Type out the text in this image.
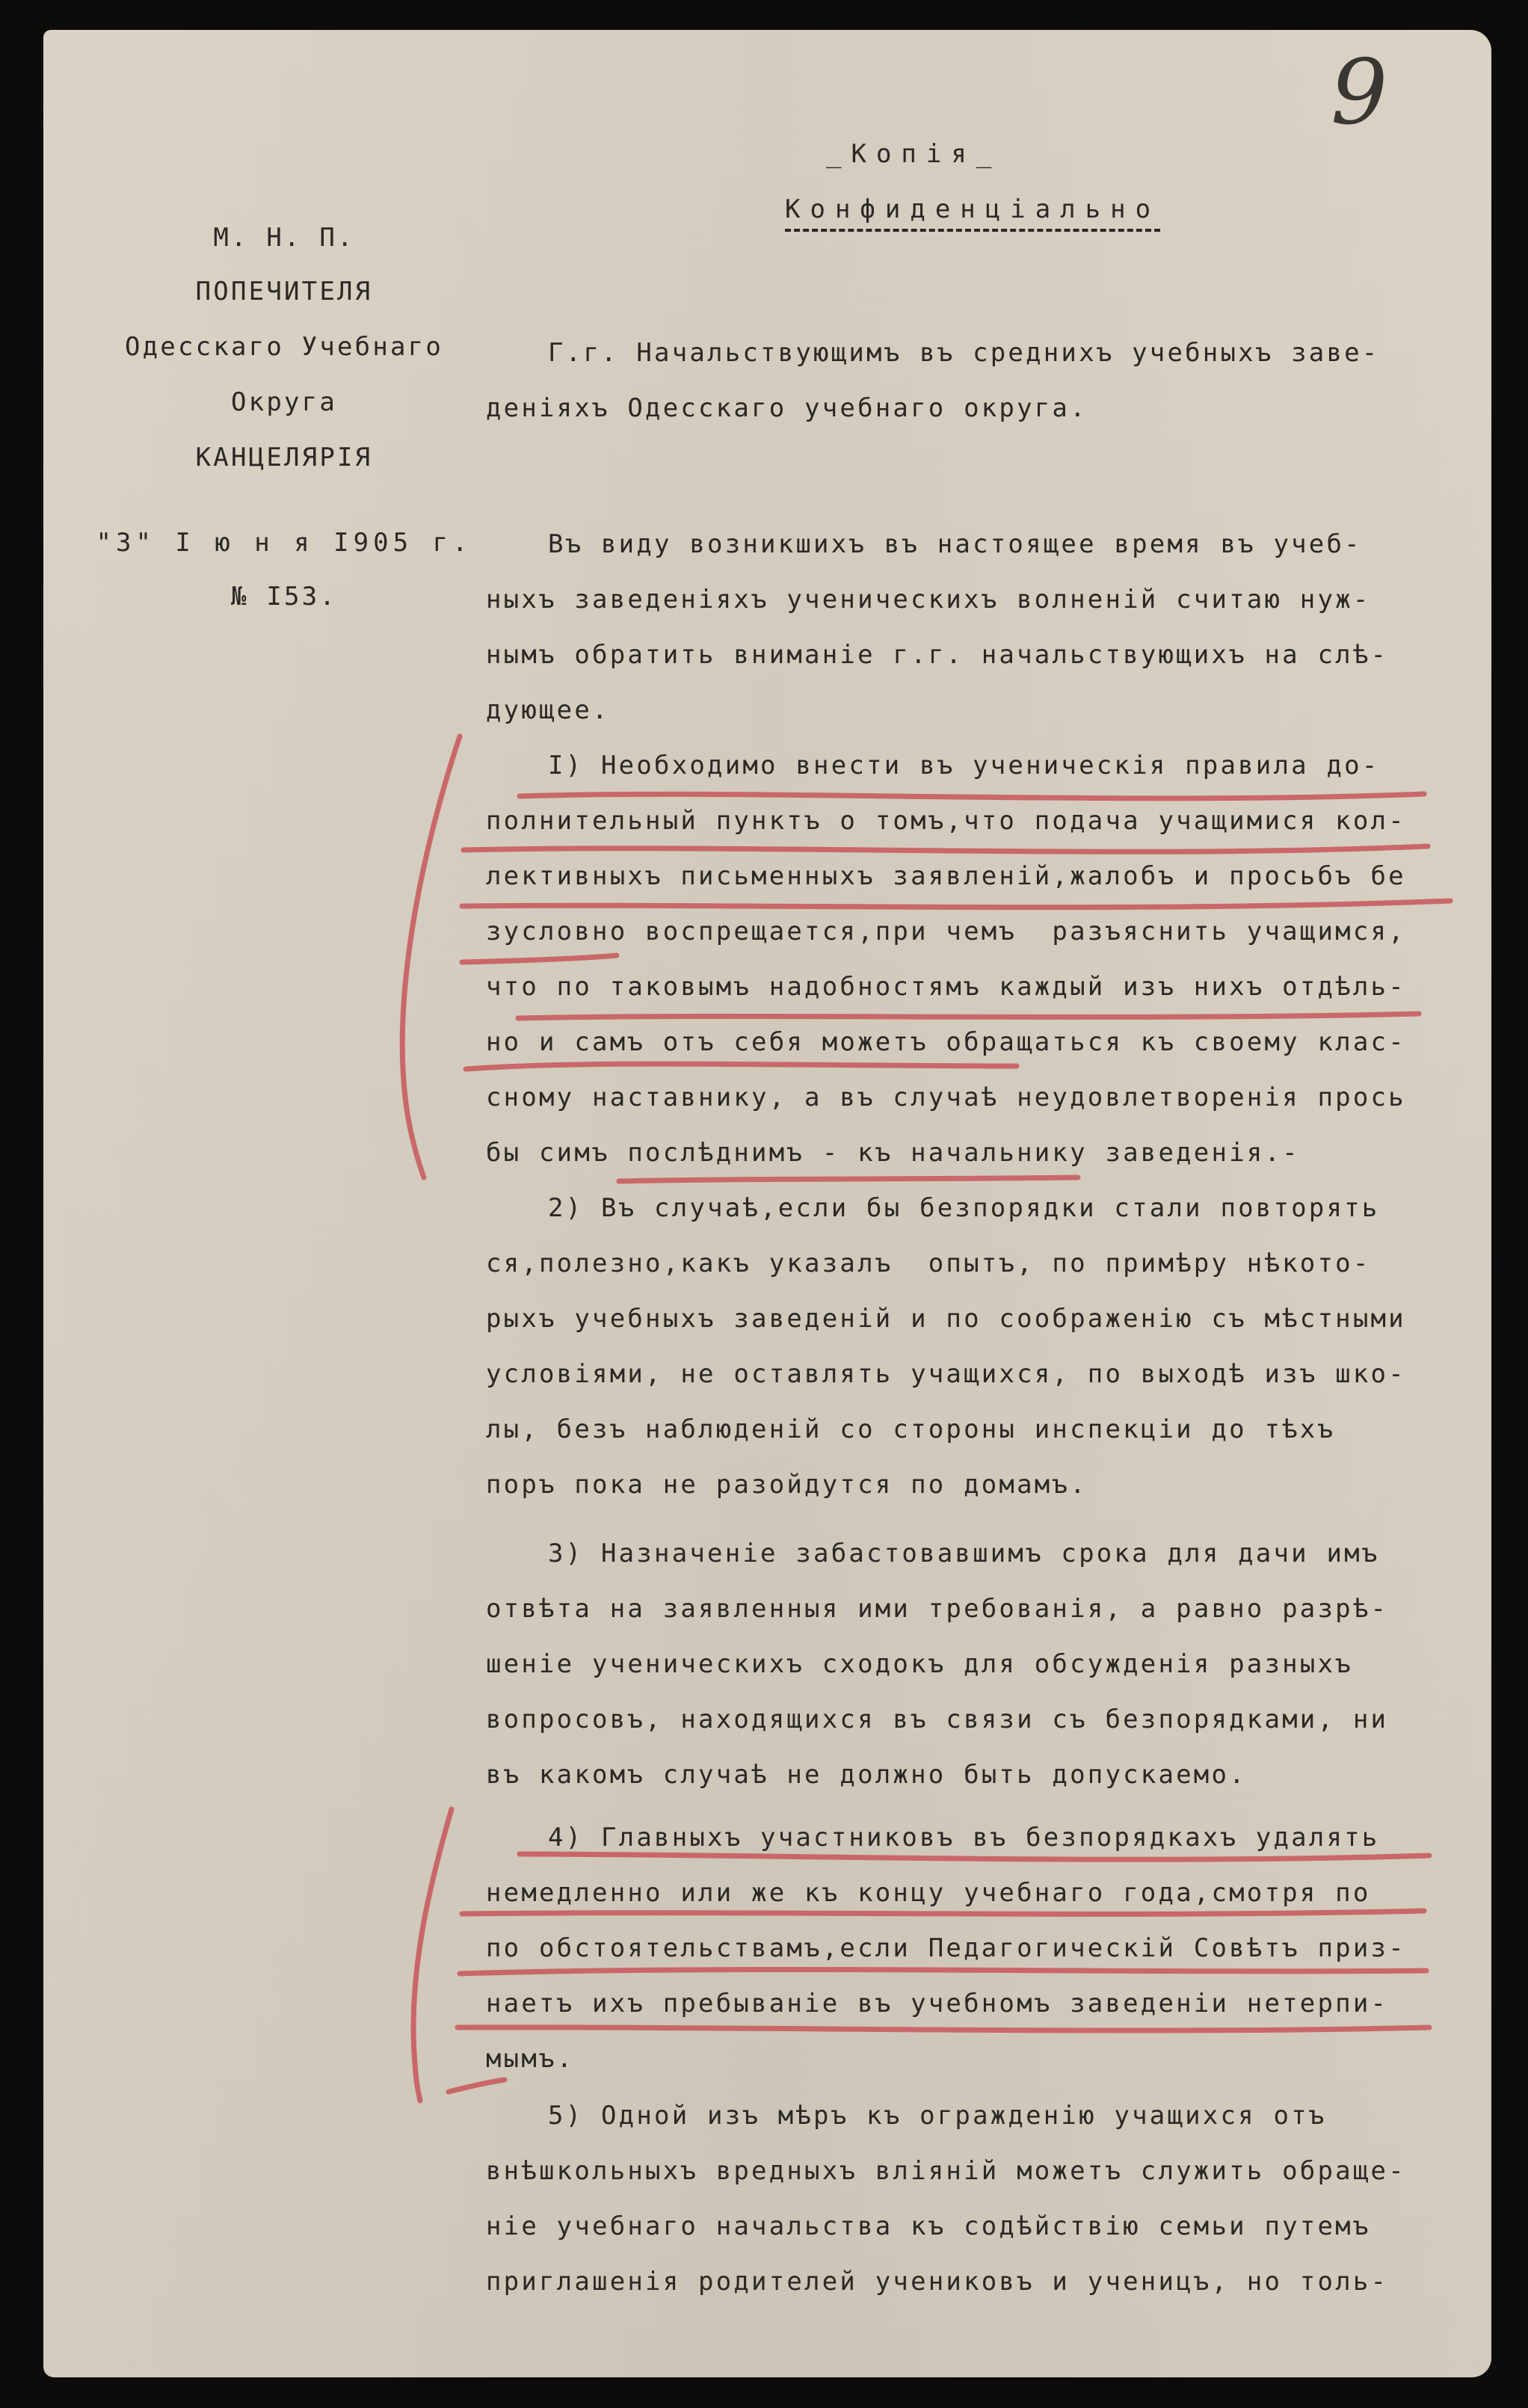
9
_Копія_
Конфиденціально
М. Н. П.
ПОПЕЧИТЕЛЯ
Одесскаго Учебнаго
Округа
КАНЦЕЛЯРIЯ
"3" I ю н я I905 г.
№ I53.
Г.г. Начальствующимъ въ среднихъ учебныхъ заве-
деніяхъ Одесскаго учебнаго округа.
Въ виду возникшихъ въ настоящее время въ учеб-
ныхъ заведеніяхъ ученическихъ волненій считаю нуж-
нымъ обратить вниманіе г.г. начальствующихъ на слѣ-
дующее.
I) Необходимо внести въ ученическія правила до-
полнительный пунктъ о томъ,что подача учащимися кол-
лективныхъ письменныхъ заявленій,жалобъ и просьбъ бе
зусловно воспрещается,при чемъ  разъяснить учащимся,
что по таковымъ надобностямъ каждый изъ нихъ отдѣль-
но и самъ отъ себя можетъ обращаться къ своему клас-
сному наставнику, а въ случаѣ неудовлетворенія прось
бы симъ послѣднимъ - къ начальнику заведенія.-
2) Въ случаѣ,если бы безпорядки стали повторять
ся,полезно,какъ указалъ  опытъ, по примѣру нѣкото-
рыхъ учебныхъ заведеній и по соображенію съ мѣстными
условіями, не оставлять учащихся, по выходѣ изъ шко-
лы, безъ наблюденій со стороны инспекціи до тѣхъ
поръ пока не разойдутся по домамъ.
3) Назначеніе забастовавшимъ срока для дачи имъ
отвѣта на заявленныя ими требованія, а равно разрѣ-
шеніе ученическихъ сходокъ для обсужденія разныхъ
вопросовъ, находящихся въ связи съ безпорядками, ни
въ какомъ случаѣ не должно быть допускаемо.
4) Главныхъ участниковъ въ безпорядкахъ удалять
немедленно или же къ концу учебнаго года,смотря по
по обстоятельствамъ,если Педагогическій Совѣтъ приз-
наетъ ихъ пребываніе въ учебномъ заведеніи нетерпи-
мымъ.
5) Одной изъ мѣръ къ огражденію учащихся отъ
внѣшкольныхъ вредныхъ вліяній можетъ служить обраще-
ніе учебнаго начальства къ содѣйствію семьи путемъ
приглашенія родителей учениковъ и ученицъ, но толь-
